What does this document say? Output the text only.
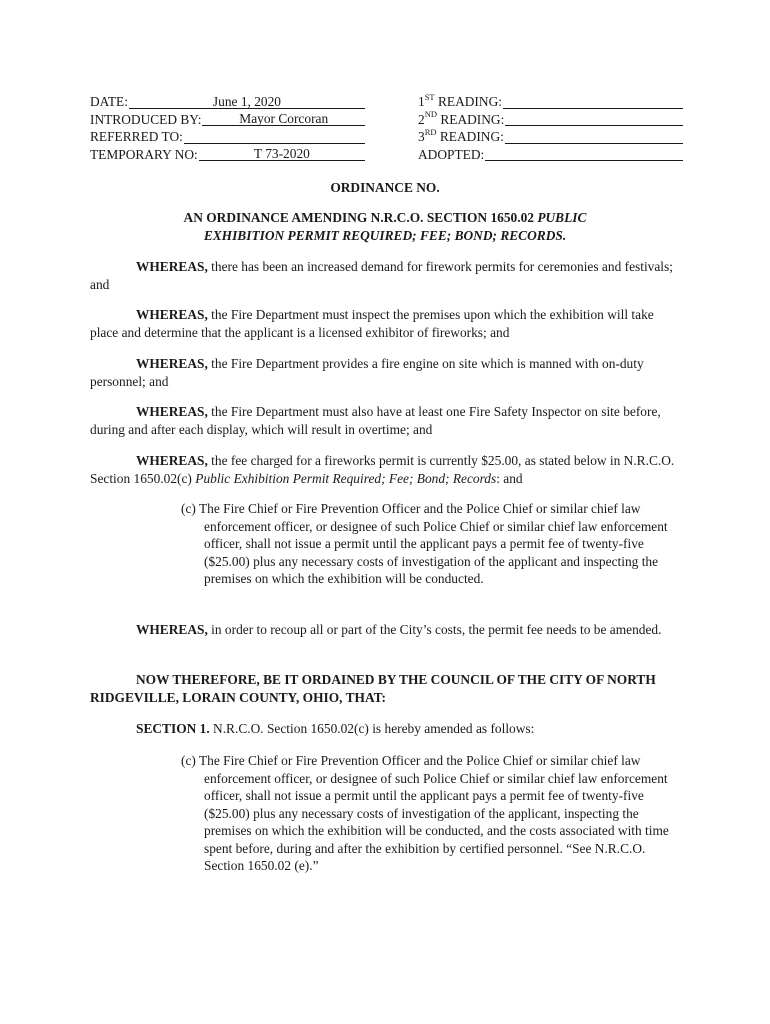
DATE:	June 1, 2020
INTRODUCED BY:	Mayor Corcoran
REFERRED TO:
TEMPORARY NO:	T 73-2020
1ST READING:
2ND READING:
3RD READING:
ADOPTED:
ORDINANCE NO.
AN ORDINANCE AMENDING N.R.C.O. SECTION 1650.02 PUBLIC
EXHIBITION PERMIT REQUIRED; FEE; BOND; RECORDS.
WHEREAS, there has been an increased demand for firework permits for ceremonies and festivals; and
WHEREAS, the Fire Department must inspect the premises upon which the exhibition will take place and determine that the applicant is a licensed exhibitor of fireworks; and
WHEREAS, the Fire Department provides a fire engine on site which is manned with on-duty personnel; and
WHEREAS, the Fire Department must also have at least one Fire Safety Inspector on site before, during and after each display, which will result in overtime; and
WHEREAS, the fee charged for a fireworks permit is currently $25.00, as stated below in N.R.C.O. Section 1650.02(c) Public Exhibition Permit Required; Fee; Bond; Records: and
(c) The Fire Chief or Fire Prevention Officer and the Police Chief or similar chief law enforcement officer, or designee of such Police Chief or similar chief law enforcement officer, shall not issue a permit until the applicant pays a permit fee of twenty-five ($25.00) plus any necessary costs of investigation of the applicant and inspecting the premises on which the exhibition will be conducted.
WHEREAS, in order to recoup all or part of the City’s costs, the permit fee needs to be amended.
NOW THEREFORE, BE IT ORDAINED BY THE COUNCIL OF THE CITY OF NORTH RIDGEVILLE, LORAIN COUNTY, OHIO, THAT:
SECTION 1. N.R.C.O. Section 1650.02(c) is hereby amended as follows:
(c) The Fire Chief or Fire Prevention Officer and the Police Chief or similar chief law enforcement officer, or designee of such Police Chief or similar chief law enforcement officer, shall not issue a permit until the applicant pays a permit fee of twenty-five ($25.00) plus any necessary costs of investigation of the applicant, inspecting the premises on which the exhibition will be conducted, and the costs associated with time spent before, during and after the exhibition by certified personnel. “See N.R.C.O. Section 1650.02 (e).”
